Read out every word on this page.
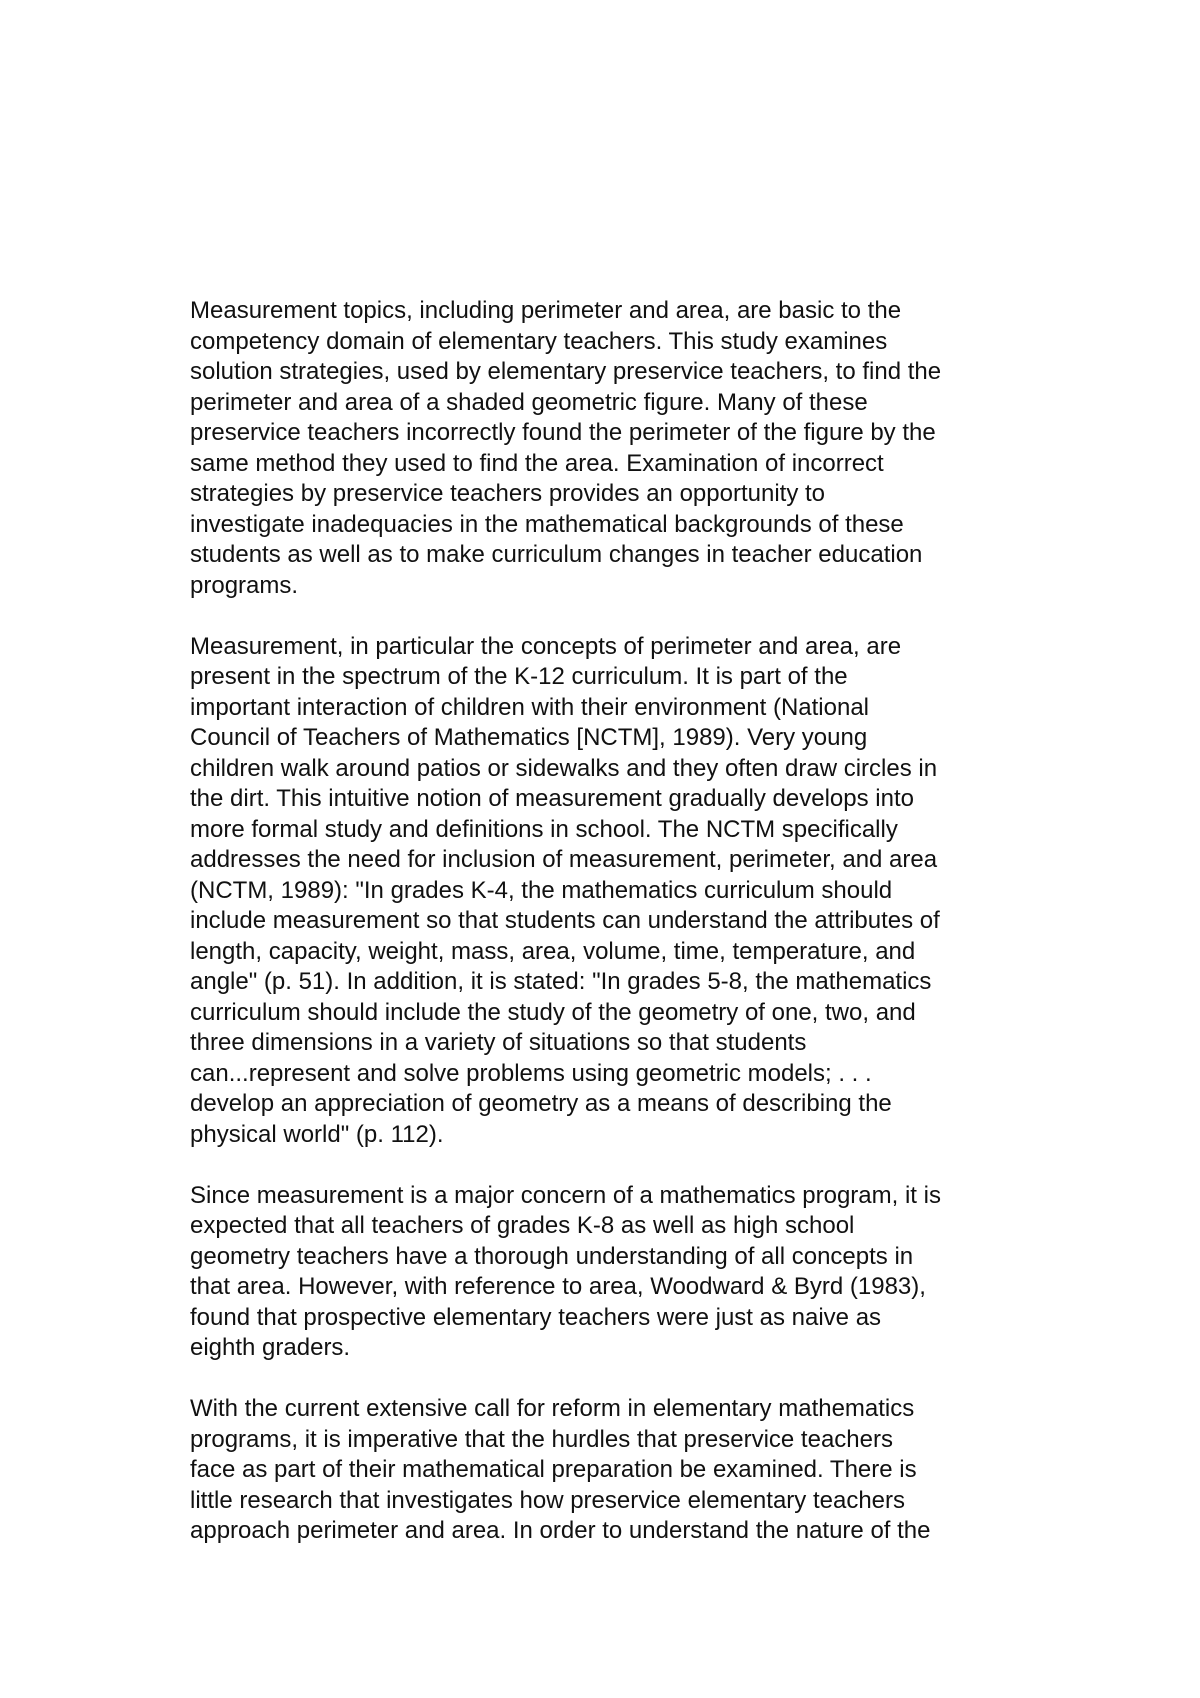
Measurement topics, including perimeter and area, are basic to the
competency domain of elementary teachers. This study examines
solution strategies, used by elementary preservice teachers, to find the
perimeter and area of a shaded geometric figure. Many of these
preservice teachers incorrectly found the perimeter of the figure by the
same method they used to find the area. Examination of incorrect
strategies by preservice teachers provides an opportunity to
investigate inadequacies in the mathematical backgrounds of these
students as well as to make curriculum changes in teacher education
programs.
Measurement, in particular the concepts of perimeter and area, are
present in the spectrum of the K-12 curriculum. It is part of the
important interaction of children with their environment (National
Council of Teachers of Mathematics [NCTM], 1989). Very young
children walk around patios or sidewalks and they often draw circles in
the dirt. This intuitive notion of measurement gradually develops into
more formal study and definitions in school. The NCTM specifically
addresses the need for inclusion of measurement, perimeter, and area
(NCTM, 1989): "In grades K-4, the mathematics curriculum should
include measurement so that students can understand the attributes of
length, capacity, weight, mass, area, volume, time, temperature, and
angle" (p. 51). In addition, it is stated: "In grades 5-8, the mathematics
curriculum should include the study of the geometry of one, two, and
three dimensions in a variety of situations so that students
can...represent and solve problems using geometric models; . . .
develop an appreciation of geometry as a means of describing the
physical world" (p. 112).
Since measurement is a major concern of a mathematics program, it is
expected that all teachers of grades K-8 as well as high school
geometry teachers have a thorough understanding of all concepts in
that area. However, with reference to area, Woodward & Byrd (1983),
found that prospective elementary teachers were just as naive as
eighth graders.
With the current extensive call for reform in elementary mathematics
programs, it is imperative that the hurdles that preservice teachers
face as part of their mathematical preparation be examined. There is
little research that investigates how preservice elementary teachers
approach perimeter and area. In order to understand the nature of the
